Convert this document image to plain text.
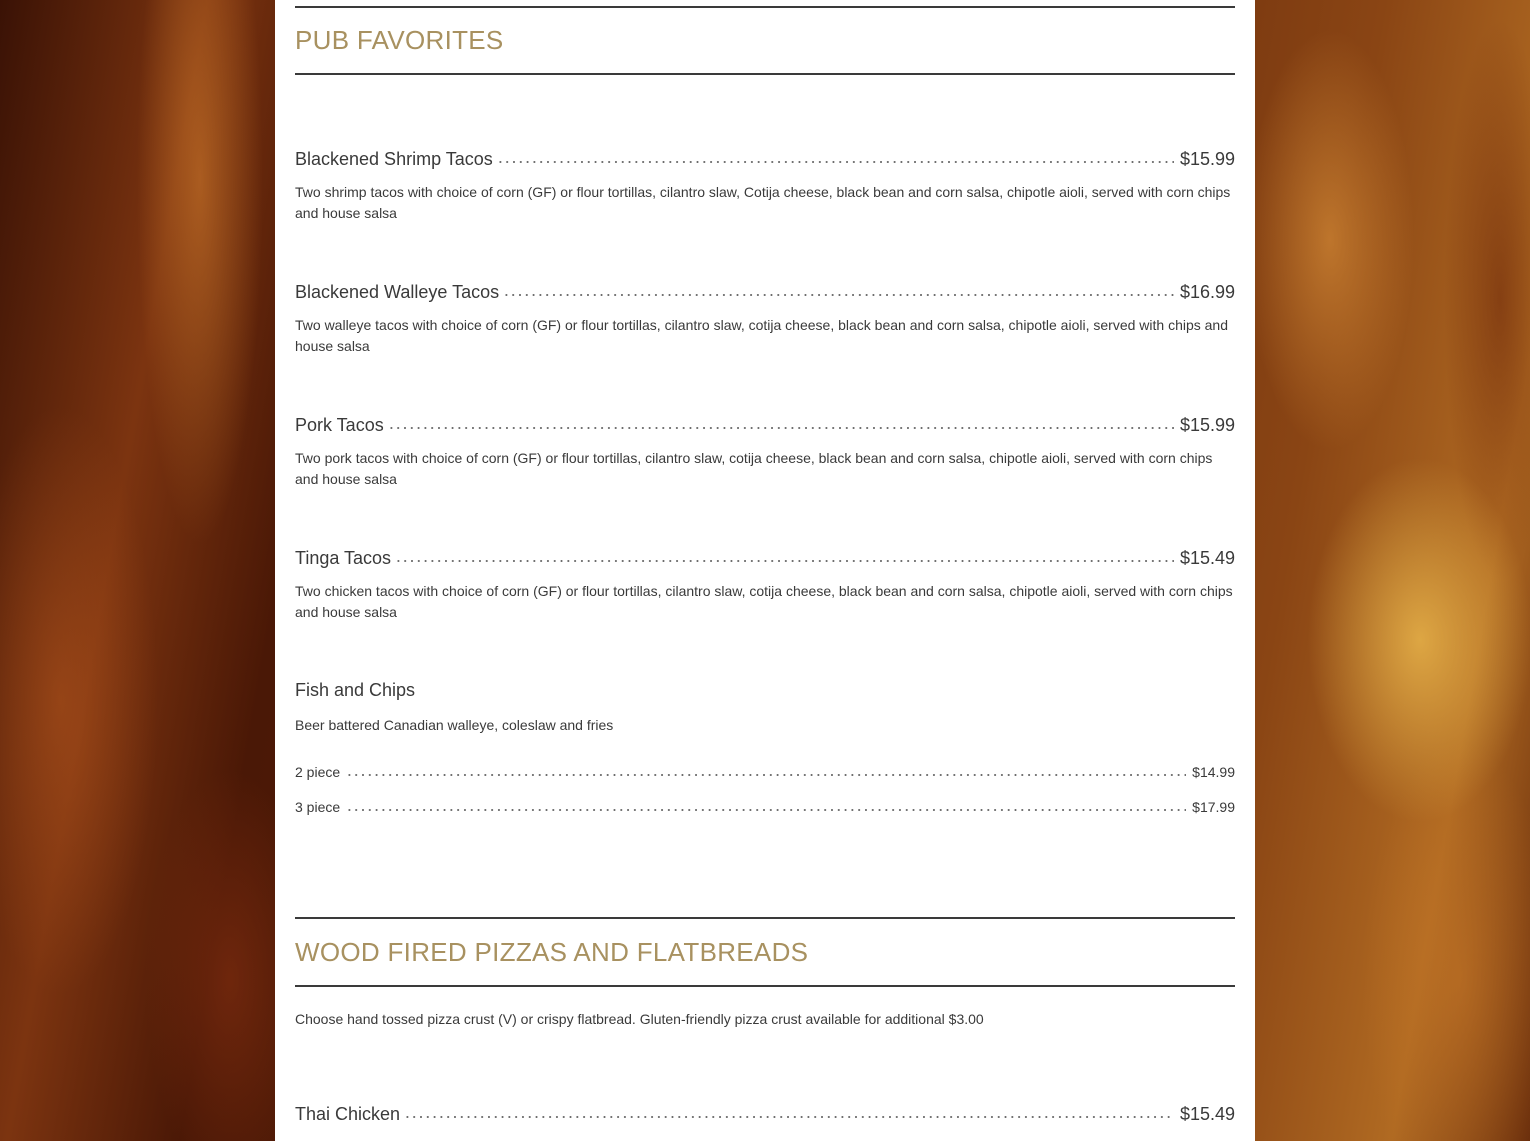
PUB FAVORITES
Blackened Shrimp Tacos	$15.99

Two shrimp tacos with choice of corn (GF) or flour tortillas, cilantro slaw, Cotija cheese, black bean and corn salsa, chipotle aioli, served with corn chips and house salsa

Blackened Walleye Tacos	$16.99

Two walleye tacos with choice of corn (GF) or flour tortillas, cilantro slaw, cotija cheese, black bean and corn salsa, chipotle aioli, served with chips and house salsa

Pork Tacos	$15.99

Two pork tacos with choice of corn (GF) or flour tortillas, cilantro slaw, cotija cheese, black bean and corn salsa, chipotle aioli, served with corn chips and house salsa

Tinga Tacos	$15.49

Two chicken tacos with choice of corn (GF) or flour tortillas, cilantro slaw, cotija cheese, black bean and corn salsa, chipotle aioli, served with corn chips and house salsa

Fish and Chips

Beer battered Canadian walleye, coleslaw and fries

2 piece	$14.99
3 piece	$17.99
WOOD FIRED PIZZAS AND FLATBREADS

Choose hand tossed pizza crust (V) or crispy flatbread. Gluten-friendly pizza crust available for additional $3.00

Thai Chicken	$15.49
